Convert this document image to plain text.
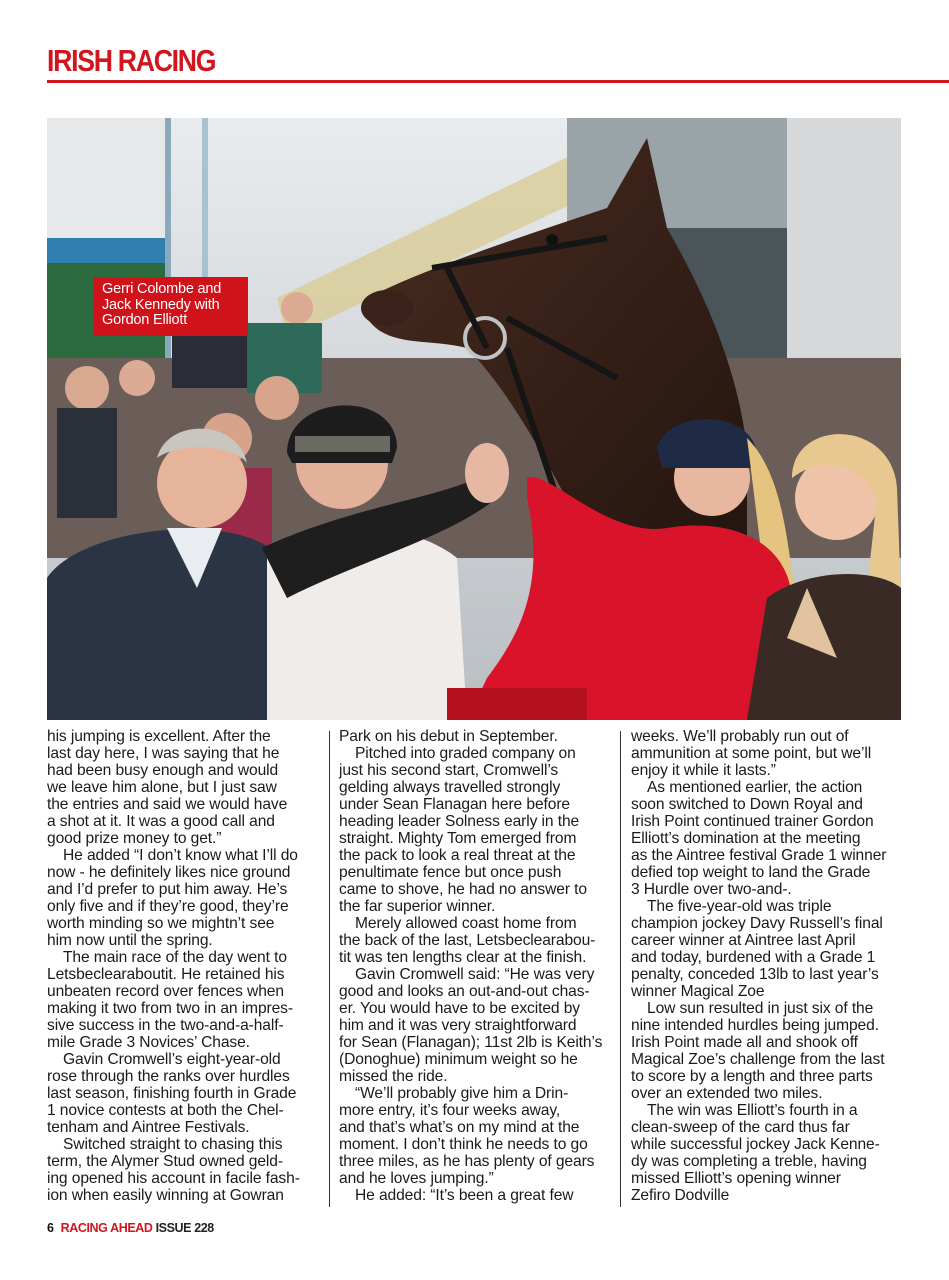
IRISH RACING
Gerri Colombe and
Jack Kennedy with
Gordon Elliott
his jumping is excellent. After the
last day here, I was saying that he
had been busy enough and would
we leave him alone, but I just saw
the entries and said we would have
a shot at it. It was a good call and
good prize money to get.”
He added “I don’t know what I’ll do
now - he definitely likes nice ground
and I’d prefer to put him away. He’s
only five and if they’re good, they’re
worth minding so we mightn’t see
him now until the spring.
The main race of the day went to
Letsbeclearaboutit. He retained his
unbeaten record over fences when
making it two from two in an impres-
sive success in the two-and-a-half-
mile Grade 3 Novices’ Chase.
Gavin Cromwell’s eight-year-old
rose through the ranks over hurdles
last season, finishing fourth in Grade
1 novice contests at both the Chel-
tenham and Aintree Festivals.
Switched straight to chasing this
term, the Alymer Stud owned geld-
ing opened his account in facile fash-
ion when easily winning at Gowran
Park on his debut in September.
Pitched into graded company on
just his second start, Cromwell’s
gelding always travelled strongly
under Sean Flanagan here before
heading leader Solness early in the
straight. Mighty Tom emerged from
the pack to look a real threat at the
penultimate fence but once push
came to shove, he had no answer to
the far superior winner.
Merely allowed coast home from
the back of the last, Letsbeclearabou-
tit was ten lengths clear at the finish.
Gavin Cromwell said: “He was very
good and looks an out-and-out chas-
er. You would have to be excited by
him and it was very straightforward
for Sean (Flanagan); 11st 2lb is Keith’s
(Donoghue) minimum weight so he
missed the ride.
“We’ll probably give him a Drin-
more entry, it’s four weeks away,
and that’s what’s on my mind at the
moment. I don’t think he needs to go
three miles, as he has plenty of gears
and he loves jumping.”
He added: “It’s been a great few
weeks. We’ll probably run out of
ammunition at some point, but we’ll
enjoy it while it lasts.”
As mentioned earlier, the action
soon switched to Down Royal and
Irish Point continued trainer Gordon
Elliott’s domination at the meeting
as the Aintree festival Grade 1 winner
defied top weight to land the Grade
3 Hurdle over two-and-.
The five-year-old was triple
champion jockey Davy Russell’s final
career winner at Aintree last April
and today, burdened with a Grade 1
penalty, conceded 13lb to last year’s
winner Magical Zoe
Low sun resulted in just six of the
nine intended hurdles being jumped.
Irish Point made all and shook off
Magical Zoe’s challenge from the last
to score by a length and three parts
over an extended two miles.
The win was Elliott’s fourth in a
clean-sweep of the card thus far
while successful jockey Jack Kenne-
dy was completing a treble, having
missed Elliott’s opening winner
Zefiro Dodville
6 RACING AHEAD ISSUE 228
